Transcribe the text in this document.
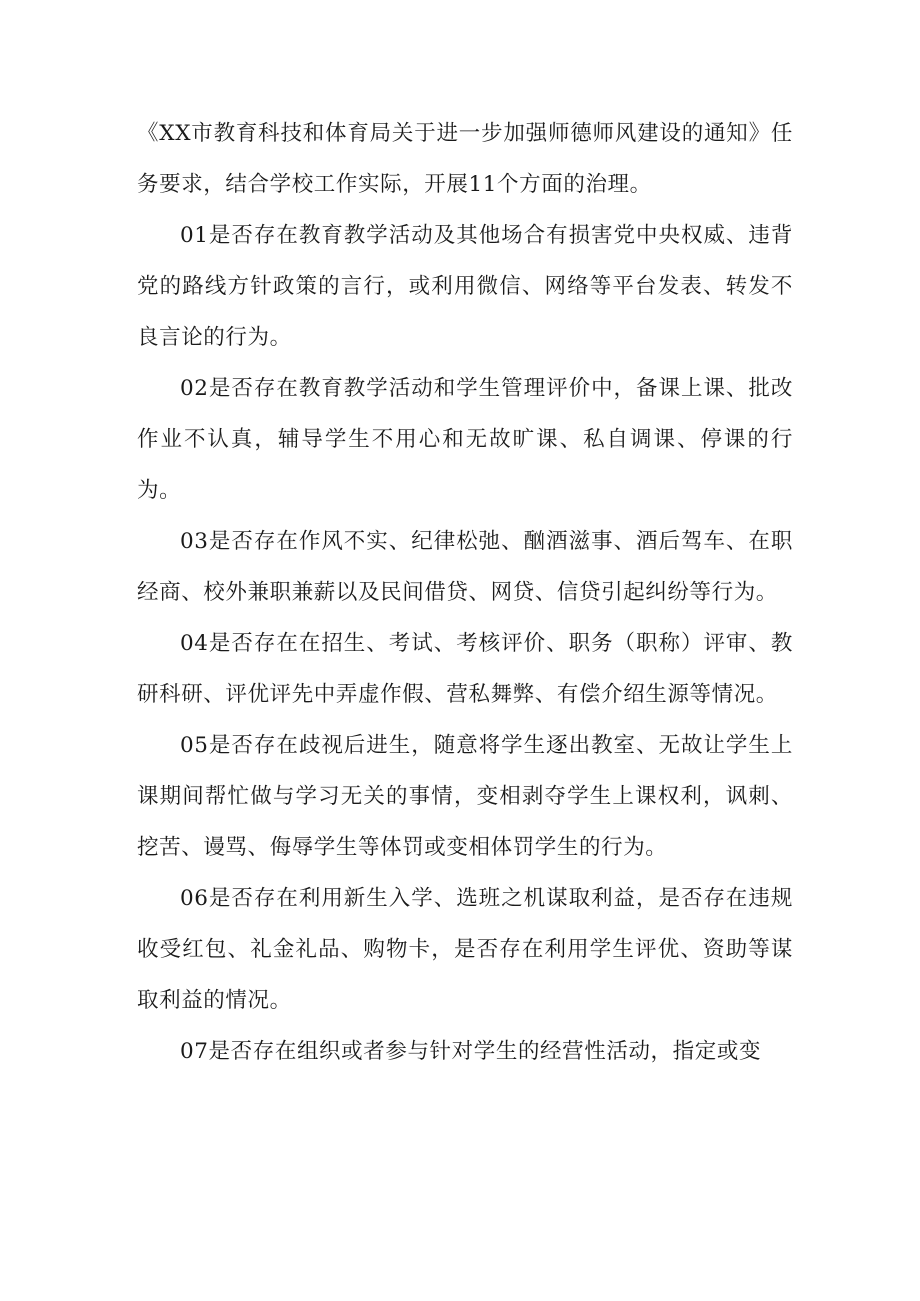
《XX市教育科技和体育局关于进一步加强师德师风建设的通知》任务要求，结合学校工作实际，开展11个方面的治理。

01是否存在教育教学活动及其他场合有损害党中央权威、违背党的路线方针政策的言行，或利用微信、网络等平台发表、转发不良言论的行为。

02是否存在教育教学活动和学生管理评价中，备课上课、批改作业不认真，辅导学生不用心和无故旷课、私自调课、停课的行为。

03是否存在作风不实、纪律松弛、酗酒滋事、酒后驾车、在职经商、校外兼职兼薪以及民间借贷、网贷、信贷引起纠纷等行为。

04是否存在在招生、考试、考核评价、职务（职称）评审、教研科研、评优评先中弄虚作假、营私舞弊、有偿介绍生源等情况。

05是否存在歧视后进生，随意将学生逐出教室、无故让学生上课期间帮忙做与学习无关的事情，变相剥夺学生上课权利，讽刺、挖苦、谩骂、侮辱学生等体罚或变相体罚学生的行为。

06是否存在利用新生入学、选班之机谋取利益，是否存在违规收受红包、礼金礼品、购物卡，是否存在利用学生评优、资助等谋取利益的情况。

07是否存在组织或者参与针对学生的经营性活动，指定或变
